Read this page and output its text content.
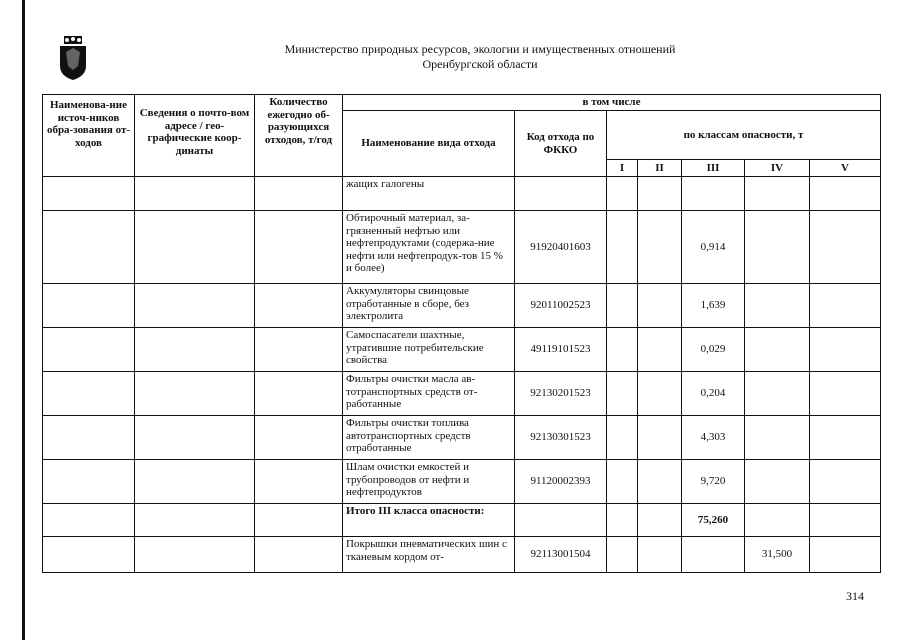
Министерство природных ресурсов, экологии и имущественных отношений
Оренбургской области
Наименова-ние источ-ников обра-зования от-ходов	Сведения о почто-вом адресе / гео-графические коор-динаты	Количество ежегодно об-разующихся отходов, т/год	в том числе						
			Наименование вида отхода	Код отхода по ФККО	по классам опасности, т				
					I	II	III	IV	V
			жащих галогены						
			Обтирочный материал, за-грязненный нефтью или нефтепродуктами (содержа-ние нефти или нефтепродук-тов 15 % и более)	91920401603			0,914		
			Аккумуляторы свинцовые отработанные в сборе, без электролита	92011002523			1,639		
			Самоспасатели шахтные, утратившие потребительские свойства	49119101523			0,029		
			Фильтры очистки масла ав-тотранспортных средств от-работанные	92130201523			0,204		
			Фильтры очистки топлива автотранспортных средств отработанные	92130301523			4,303		
			Шлам очистки емкостей и трубопроводов от нефти и нефтепродуктов	91120002393			9,720		
			Итого III класса опасности:				75,260		
			Покрышки пневматических шин с тканевым кордом от-	92113001504				31,500	
314
